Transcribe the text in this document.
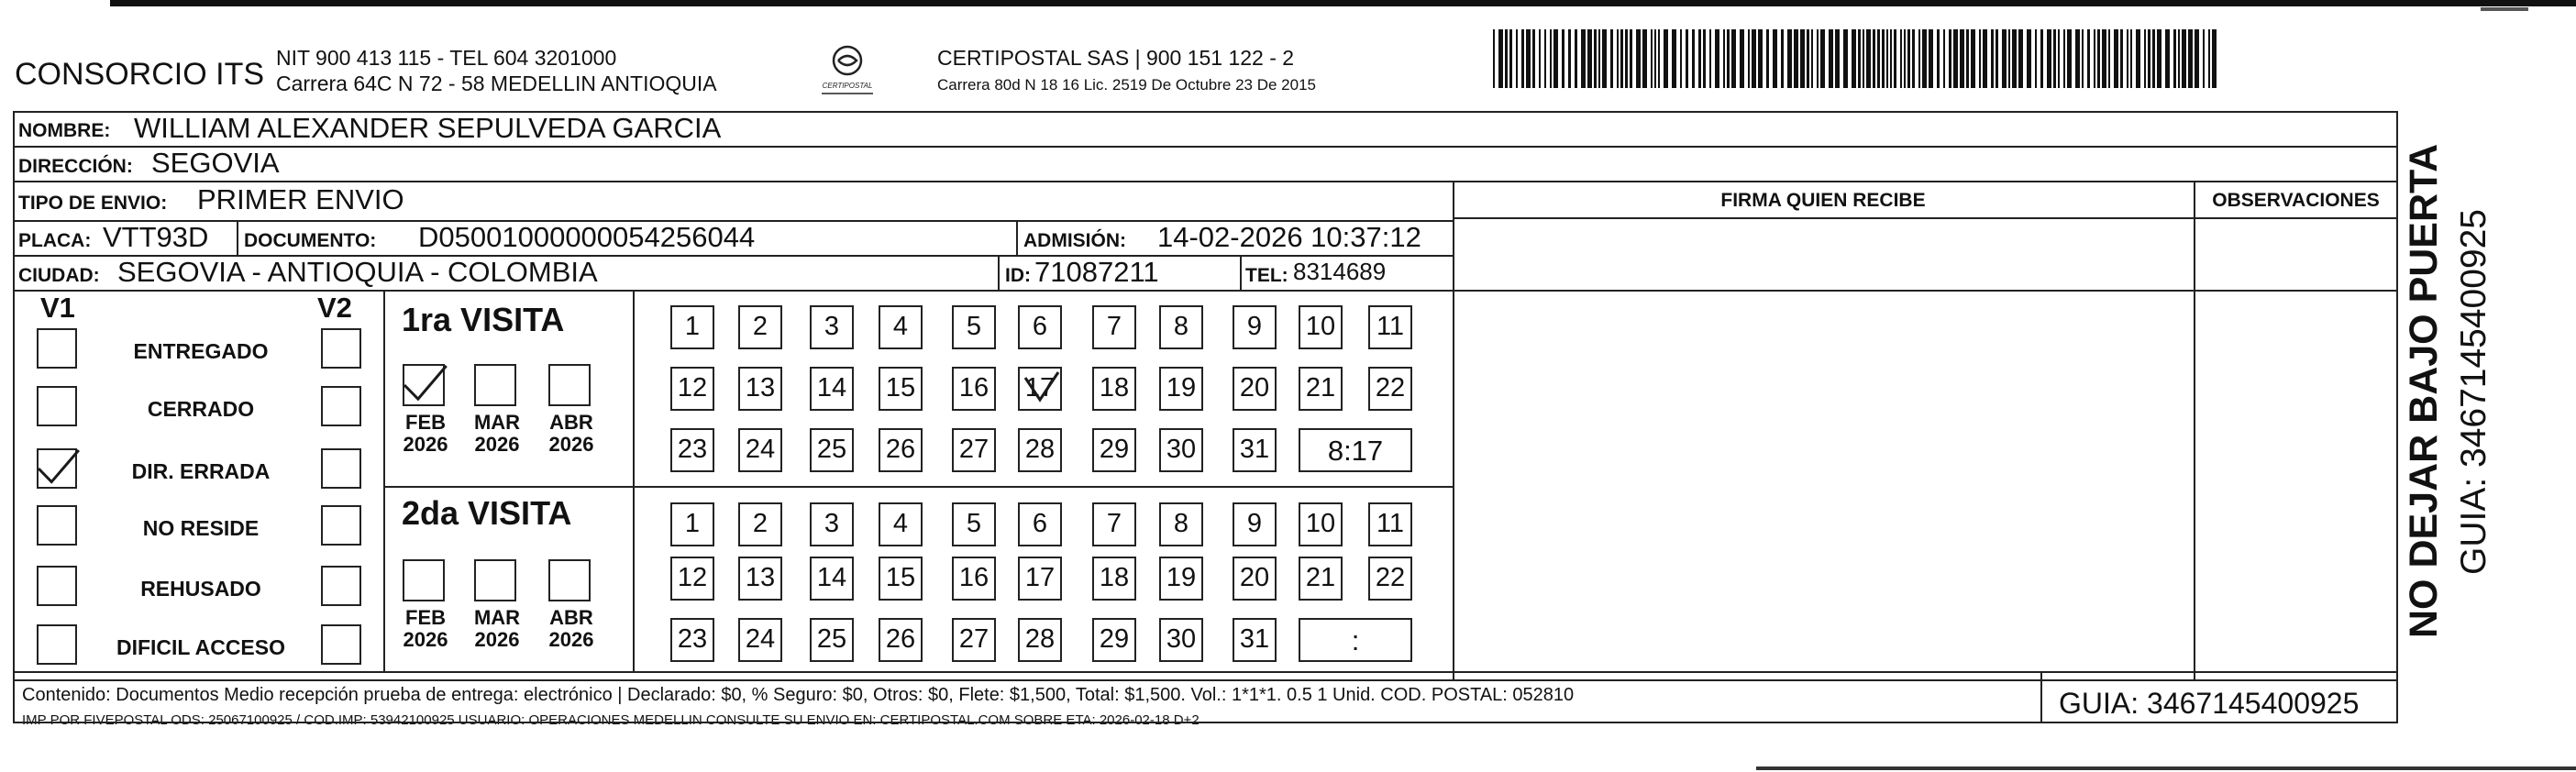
CONSORCIO ITS NIT 900 413 115 - TEL 604 3201000
Carrera 64C N 72 - 58 MEDELLIN ANTIOQUIA	CERTIPOSTAL
CERTIPOSTAL SAS | 900 151 122 - 2
Carrera 80d N 18 16 Lic. 2519 De Octubre 23 De 2015
NOMBRE: WILLIAM ALEXANDER SEPULVEDA GARCIA
DIRECCIÓN: SEGOVIA
TIPO DE ENVIO: PRIMER ENVIO	FIRMA QUIEN RECIBE	OBSERVACIONES
PLACA: VTT93D DOCUMENTO: D05001000000054256044	ADMISIÓN: 14-02-2026 10:37:12
CIUDAD: SEGOVIA - ANTIOQUIA - COLOMBIA	ID: 71087211	TEL: 8314689
V1	V2
ENTREGADO
CERRADO
DIR. ERRADA
NO RESIDE
REHUSADO
DIFICIL ACCESO
1ra VISITA
2da VISITA
FEB
2026
MAR
2026
ABR
2026
FEB
2026
MAR
2026
ABR
2026
1	2	3	4	5	6	7	8	9	10	11
12 13 14 15 16 17 18 19 20 21 22
23 24 25 26 27 28 29 30 31	8:17
1	2	3	4	5	6	7	8	9	10	11
12 13 14 15 16 17 18 19 20 21 22
23 24 25 26 27 28 29 30 31	:
Contenido: Documentos Medio recepción prueba de entrega: electrónico | Declarado: $0, % Seguro: $0, Otros: $0, Flete: $1,500, Total: $1,500. Vol.: 1*1*1. 0.5 1 Unid. COD. POSTAL: 052810
IMP POR FIVEPOSTAL ODS: 25067100925 / COD.IMP: 53942100925 USUARIO: OPERACIONES MEDELLIN CONSULTE SU ENVIO EN: CERTIPOSTAL.COM SOBRE ETA: 2026-02-18 D+2
GUIA: 3467145400925
NO DEJAR BAJO PUERTA GUIA: 3467145400925
